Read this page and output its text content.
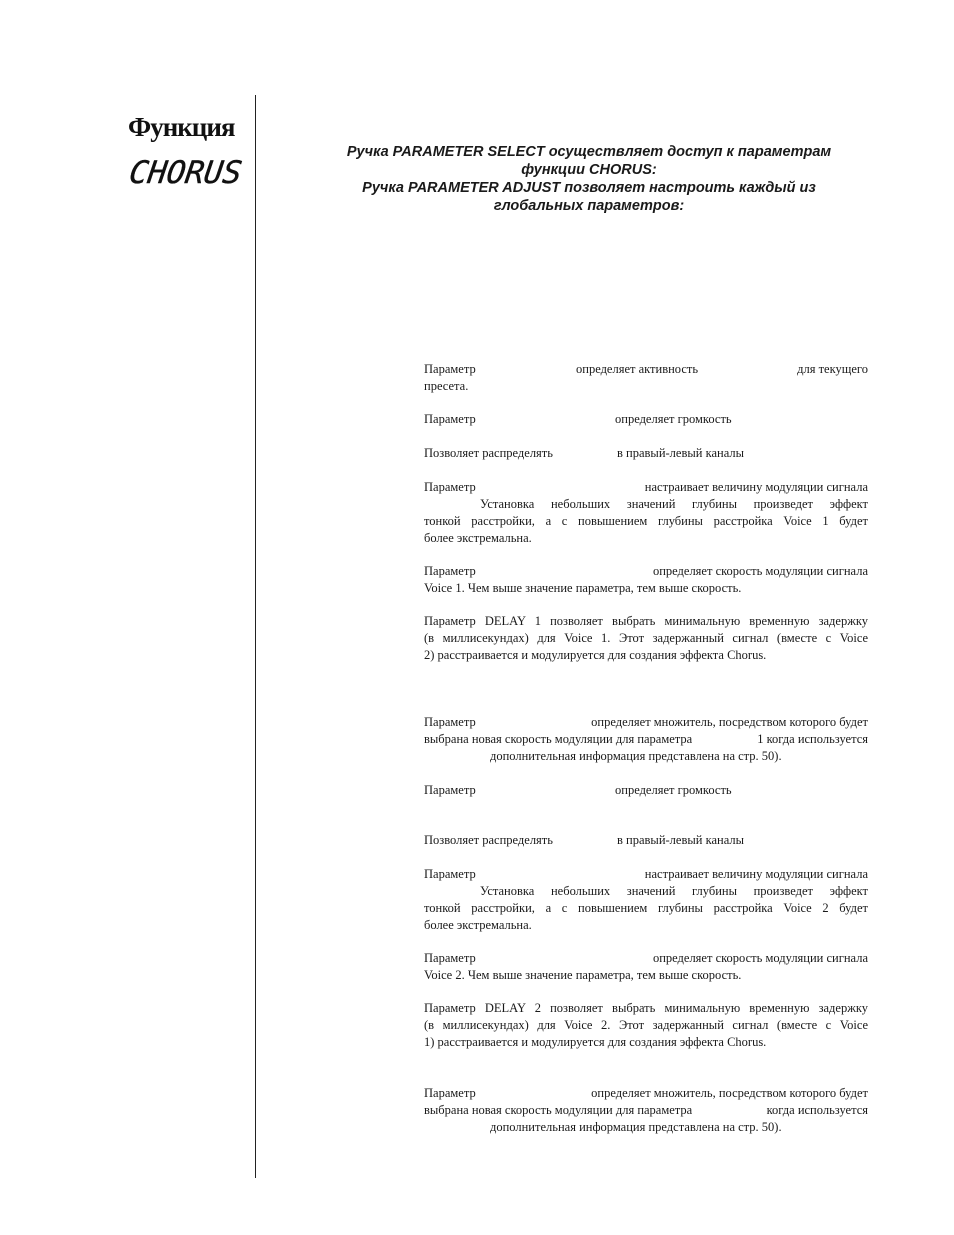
Функция
CHORUS
Ручка PARAMETER SELECT осуществляет доступ к параметрам
функции CHORUS:
Ручка PARAMETER ADJUST позволяет настроить каждый из
глобальных параметров:
Параметр	определяет активность	для текущего
пресета.
Параметр	определяет громкость
Позволяет распределять	в правый-левый каналы
Параметр	настраивает величину модуляции сигнала
Установка небольших значений глубины произведет эффект
тонкой расстройки, а с повышением глубины расстройка Voice 1 будет
более экстремальна.
Параметр	определяет скорость модуляции сигнала
Voice 1. Чем выше значение параметра, тем выше скорость.
Параметр DELAY 1 позволяет выбрать минимальную временную задержку
(в миллисекундах) для Voice 1. Этот задержанный сигнал (вместе с Voice
2) расстраивается и модулируется для создания эффекта Chorus.
Параметр	определяет множитель, посредством которого будет
выбрана новая скорость модуляции для параметра	1 когда используется
дополнительная информация представлена на стр. 50).
Параметр	определяет громкость
Позволяет распределять	в правый-левый каналы
Параметр	настраивает величину модуляции сигнала
Установка небольших значений глубины произведет эффект
тонкой расстройки, а с повышением глубины расстройка Voice 2 будет
более экстремальна.
Параметр	определяет скорость модуляции сигнала
Voice 2. Чем выше значение параметра, тем выше скорость.
Параметр DELAY 2 позволяет выбрать минимальную временную задержку
(в миллисекундах) для Voice 2. Этот задержанный сигнал (вместе с Voice
1) расстраивается и модулируется для создания эффекта Chorus.
Параметр	определяет множитель, посредством которого будет
выбрана новая скорость модуляции для параметра	когда используется
дополнительная информация представлена на стр. 50).
